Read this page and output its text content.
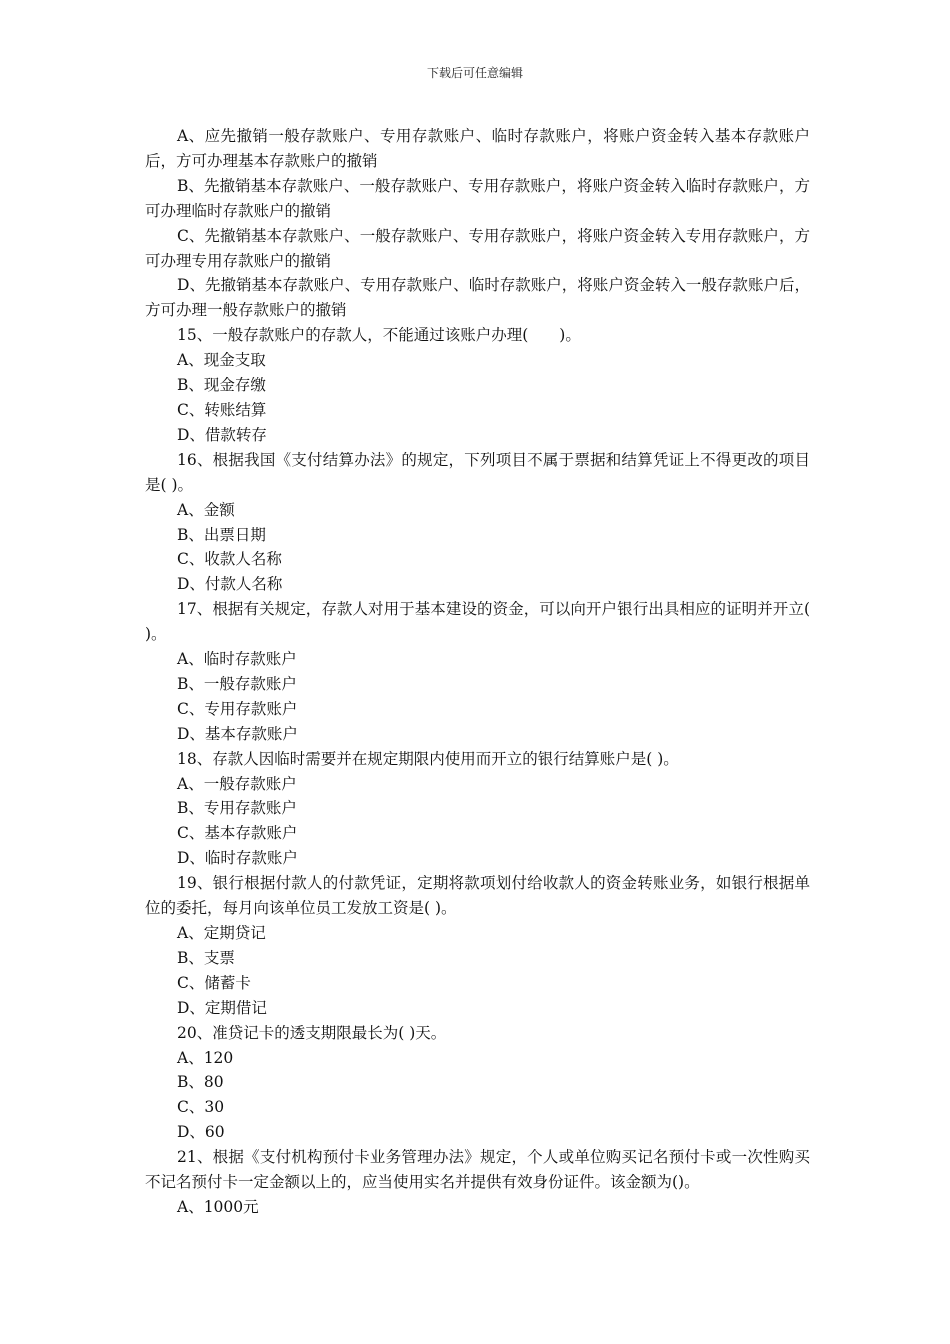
下载后可任意编辑

A、应先撤销一般存款账户、专用存款账户、临时存款账户，将账户资金转入基本存款账户后，方可办理基本存款账户的撤销

B、先撤销基本存款账户、一般存款账户、专用存款账户，将账户资金转入临时存款账户，方可办理临时存款账户的撤销

C、先撤销基本存款账户、一般存款账户、专用存款账户，将账户资金转入专用存款账户，方可办理专用存款账户的撤销

D、先撤销基本存款账户、专用存款账户、临时存款账户，将账户资金转入一般存款账户后，方可办理一般存款账户的撤销

15、一般存款账户的存款人，不能通过该账户办理(　　)。

A、现金支取

B、现金存缴

C、转账结算

D、借款转存

16、根据我国《支付结算办法》的规定，下列项目不属于票据和结算凭证上不得更改的项目是( )。

A、金额

B、出票日期

C、收款人名称

D、付款人名称

17、根据有关规定，存款人对用于基本建设的资金，可以向开户银行出具相应的证明并开立( )。

A、临时存款账户

B、一般存款账户

C、专用存款账户

D、基本存款账户

18、存款人因临时需要并在规定期限内使用而开立的银行结算账户是( )。

A、一般存款账户

B、专用存款账户

C、基本存款账户

D、临时存款账户

19、银行根据付款人的付款凭证，定期将款项划付给收款人的资金转账业务，如银行根据单位的委托，每月向该单位员工发放工资是( )。

A、定期贷记

B、支票

C、储蓄卡

D、定期借记

20、准贷记卡的透支期限最长为( )天。

A、120

B、80

C、30

D、60

21、根据《支付机构预付卡业务管理办法》规定，个人或单位购买记名预付卡或一次性购买不记名预付卡一定金额以上的，应当使用实名并提供有效身份证件。该金额为()。

A、1000元
